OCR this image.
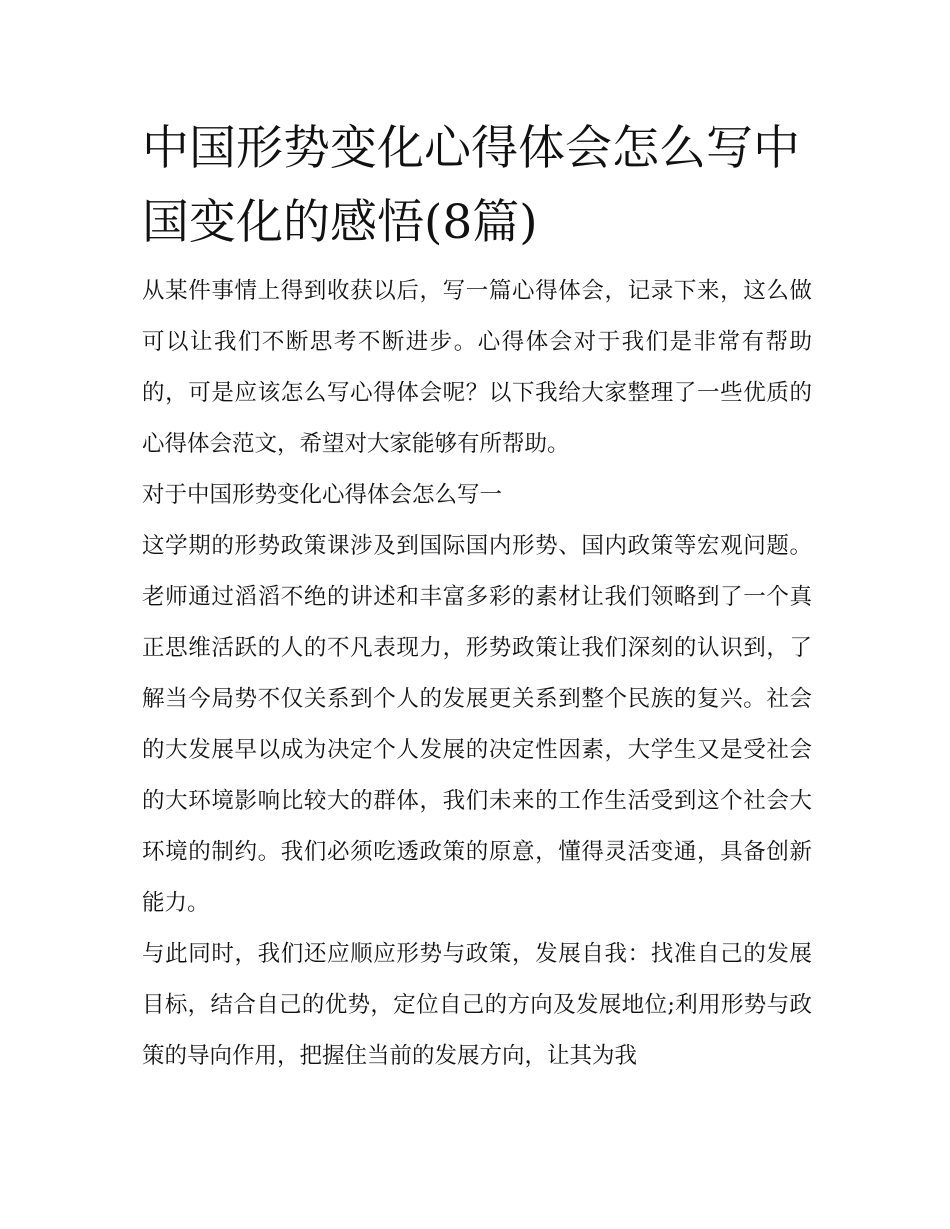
中国形势变化心得体会怎么写中国变化的感悟(8篇)

从某件事情上得到收获以后，写一篇心得体会，记录下来，这么做可以让我们不断思考不断进步。心得体会对于我们是非常有帮助的，可是应该怎么写心得体会呢？以下我给大家整理了一些优质的心得体会范文，希望对大家能够有所帮助。

对于中国形势变化心得体会怎么写一

这学期的形势政策课涉及到国际国内形势、国内政策等宏观问题。老师通过滔滔不绝的讲述和丰富多彩的素材让我们领略到了一个真正思维活跃的人的不凡表现力，形势政策让我们深刻的认识到，了解当今局势不仅关系到个人的发展更关系到整个民族的复兴。社会的大发展早以成为决定个人发展的决定性因素，大学生又是受社会的大环境影响比较大的群体，我们未来的工作生活受到这个社会大环境的制约。我们必须吃透政策的原意，懂得灵活变通，具备创新能力。

与此同时，我们还应顺应形势与政策，发展自我：找准自己的发展目标，结合自己的优势，定位自己的方向及发展地位;利用形势与政策的导向作用，把握住当前的发展方向，让其为我
